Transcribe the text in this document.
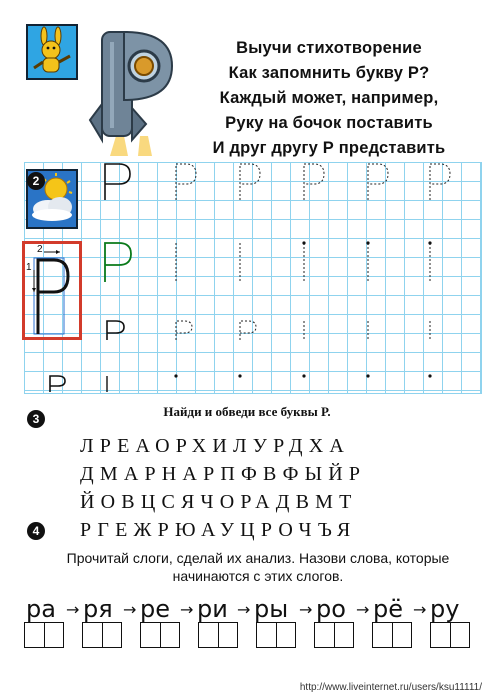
Выучи стихотворение
Как запомнить букву Р?
Каждый может, например,
Руку на бочок поставить
И друг другу Р представить
2
1
2
3	Найди и обведи все буквы Р.
ЛРЕАОРХИЛУРДХА
ДМАРНАРПФВФЫЙР
ЙОВЦСЯЧОРАДВМТ
РГЕЖРЮАУЦРОЧЪЯ
4
Прочитай слоги, сделай их анализ. Назови слова, которые начинаются с этих слогов.
ра → ря → ре → ри → ры → ро → рё → ру
http://www.liveinternet.ru/users/ksu11111/
